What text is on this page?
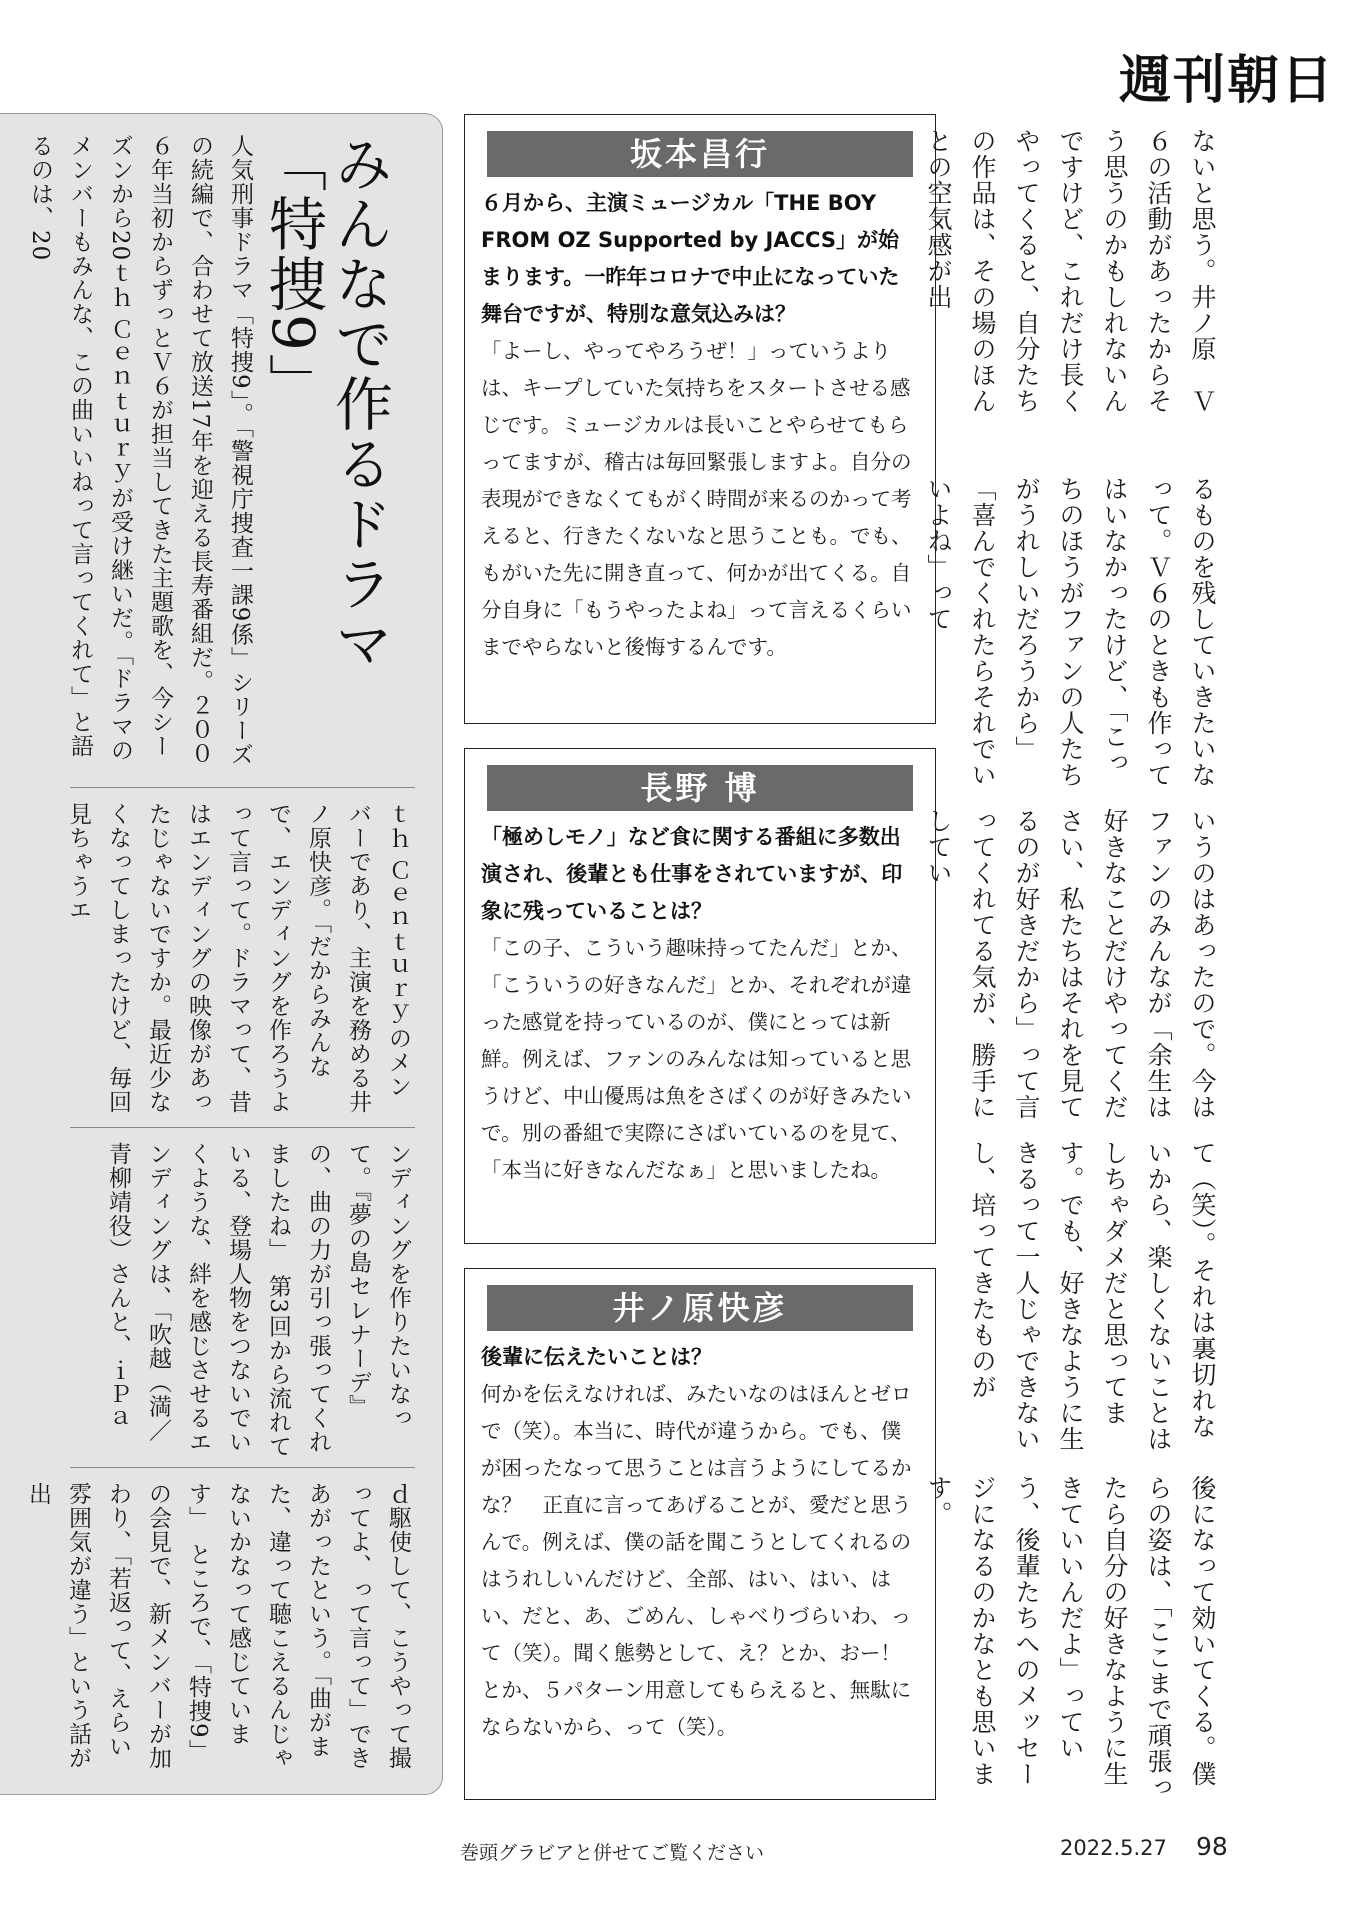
週刊朝日
みんなで作るドラマ「特捜9」
人気刑事ドラマ「特捜9」。「警視庁捜査一課9係」シリーズの続編で、合わせて放送17年を迎える長寿番組だ。２００６年当初からずっとＶ６が担当してきた主題歌を、今シーズンから20ｔｈ Ｃｅｎｔｕｒｙが受け継いだ。「ドラマのメンバーもみんな、この曲いいねって言ってくれて」と語るのは、20
ｔｈ Ｃｅｎｔｕｒｙのメンバーであり、主演を務める井ノ原快彦。「だからみんなで、エンディングを作ろうよって言って。ドラマって、昔はエンディングの映像があったじゃないですか。最近少なくなってしまったけど、毎回見ちゃうエ
ンディングを作りたいなって。『夢の島セレナーデ』の、曲の力が引っ張ってくれましたね」　第3回から流れている、登場人物をつないでいくような、絆を感じさせるエンディングは、「吹越（満／青柳靖役）さんと、ｉＰａ
ｄ駆使して、こうやって撮ってよ、って言って」できあがったという。「曲がまた、違って聴こえるんじゃないかなって感じています」　ところで、「特捜9」の会見で、新メンバーが加わり、「若返って、えらい雰囲気が違う」という話が出
坂本昌行
６月から、主演ミュージカル「THE BOY FROM OZ Supported by JACCS」が始まります。一昨年コロナで中止になっていた舞台ですが、特別な意気込みは？
「よーし、やってやろうぜ！」っていうよりは、キープしていた気持ちをスタートさせる感じです。ミュージカルは長いことやらせてもらってますが、稽古は毎回緊張しますよ。自分の表現ができなくてもがく時間が来るのかって考えると、行きたくないなと思うことも。でも、もがいた先に開き直って、何かが出てくる。自分自身に「もうやったよね」って言えるくらいまでやらないと後悔するんです。
長野 博
「極めしモノ」など食に関する番組に多数出演され、後輩とも仕事をされていますが、印象に残っていることは？
「この子、こういう趣味持ってたんだ」とか、「こういうの好きなんだ」とか、それぞれが違った感覚を持っているのが、僕にとっては新鮮。例えば、ファンのみんなは知っていると思うけど、中山優馬は魚をさばくのが好きみたいで。別の番組で実際にさばいているのを見て、「本当に好きなんだなぁ」と思いましたね。
井ノ原快彦
後輩に伝えたいことは？
何かを伝えなければ、みたいなのはほんとゼロで（笑）。本当に、時代が違うから。でも、僕が困ったなって思うことは言うようにしてるかな？　正直に言ってあげることが、愛だと思うんで。例えば、僕の話を聞こうとしてくれるのはうれしいんだけど、全部、はい、はい、はい、だと、あ、ごめん、しゃべりづらいわ、って（笑）。聞く態勢として、え？とか、おー！とか、５パターン用意してもらえると、無駄にならないから、って（笑）。
ないと思う。井ノ原　Ｖ６の活動があったからそう思うのかもしれないんですけど、これだけ長くやってくると、自分たちの作品は、その場のほんとの空気感が出
るものを残していきたいなって。Ｖ６のときも作ってはいなかったけど、「こっちのほうがファンの人たちがうれしいだろうから」「喜んでくれたらそれでいいよね」って
いうのはあったので。今はファンのみんなが「余生は好きなことだけやってください、私たちはそれを見てるのが好きだから」って言ってくれてる気が、勝手にしてい
て（笑）。それは裏切れないから、楽しくないことはしちゃダメだと思ってます。でも、好きなように生きるって一人じゃできないし、培ってきたものが
後になって効いてくる。僕らの姿は、「ここまで頑張ったら自分の好きなように生きていいんだよ」っていう、後輩たちへのメッセージになるのかなとも思います。
巻頭グラビアと併せてご覧ください	2022.5.27 98
